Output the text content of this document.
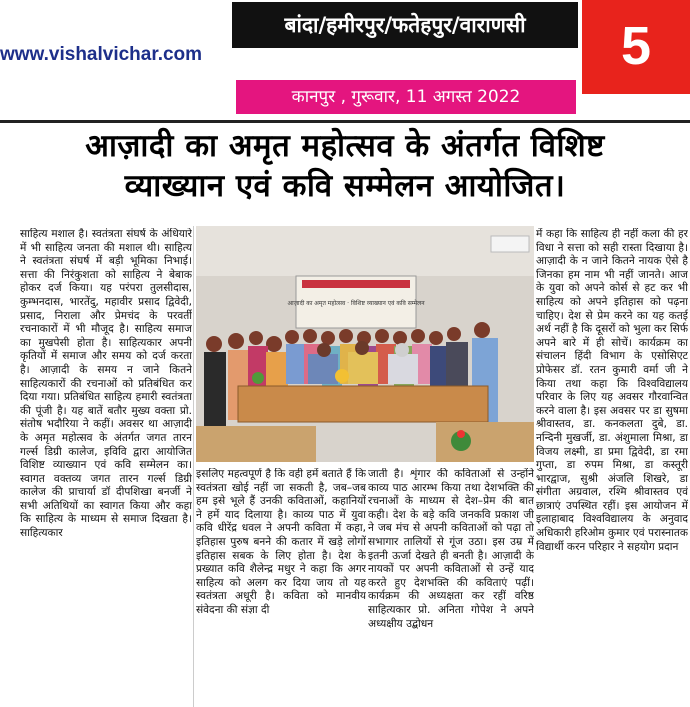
www.vishalvichar.com
बांदा/हमीरपुर/फतेहपुर/वाराणसी	5
कानपुर , गुरूवार, 11 अगस्त 2022
आज़ादी का अमृत महोत्सव के अंतर्गत विशिष्ट
व्याख्यान एवं कवि सम्मेलन आयोजित।

साहित्य मशाल है। स्वतंत्रता संघर्ष के अंधियारे में भी साहित्य जनता की मशाल थी। साहित्य ने स्वतंत्रता संघर्ष में बड़ी भूमिका निभाई। सत्ता की निरंकुशता को साहित्य ने बेबाक होकर दर्ज किया। यह परंपरा तुलसीदास, कुम्भनदास, भारतेंदु, महावीर प्रसाद द्विवेदी, प्रसाद, निराला और प्रेमचंद के परवर्ती रचनाकारों में भी मौजूद है। साहित्य समाज का मुखपेसी होता है। साहित्यकार अपनी कृतियों में समाज और समय को दर्ज करता है। आज़ादी के समय न जाने कितने साहित्यकारों की रचनाओं को प्रतिबंधित कर दिया गया। प्रतिबंधित साहित्य हमारी स्वतंत्रता की पूंजी है। यह बातें बतौर मुख्य वक्ता प्रो. संतोष भदौरिया ने कहीं। अवसर था आज़ादी के अमृत महोत्सव के अंतर्गत जगत तारन गर्ल्स डिग्री कालेज, इविवि द्वारा आयोजित विशिष्ट व्याख्यान एवं कवि सम्मेलन का। स्वागत वक्तव्य जगत तारन गर्ल्स डिग्री कालेज की प्राचार्या डॉ दीपशिखा बनर्जी ने सभी अतिथियों का स्वागत किया और कहा कि साहित्य के माध्यम से समाज दिखता है। साहित्यकार

आज़ादी का अमृत महोत्सव · विशिष्ट व्याख्यान एवं कवि सम्मेलन

इसलिए महत्वपूर्ण है कि वही हमें बताते हैं कि स्वतंत्रता खोई नहीं जा सकती है, जब–जब हम इसे भूले हैं उनकी कविताओं, कहानियों ने हमें याद दिलाया है। काव्य पाठ में युवा कवि धीरेंद्र धवल ने अपनी कविता में कहा, इतिहास पुरुष बनने की कतार में खड़े लोगों इतिहास सबक के लिए होता है। देश के प्रख्यात कवि शैलेन्द्र मधुर ने कहा कि अगर साहित्य को अलग कर दिया जाय तो यह स्वतंत्रता अधूरी है। कविता को मानवीय संवेदना की संज्ञा दी

जाती है। शृंगार की कविताओं से उन्होंने काव्य पाठ आरम्भ किया तथा देशभक्ति की रचनाओं के माध्यम से देश–प्रेम की बात कही। देश के बड़े कवि जनकवि प्रकाश जी ने जब मंच से अपनी कविताओं को पढ़ा तो सभागार तालियों से गूंज उठा। इस उम्र में इतनी ऊर्जा देखते ही बनती है। आज़ादी के नायकों पर अपनी कविताओं से उन्हें याद करते हुए देशभक्ति की कविताएं पढ़ीं। कार्यक्रम की अध्यक्षता कर रहीं वरिष्ठ साहित्यकार प्रो. अनिता गोपेश ने अपने अध्यक्षीय उद्बोधन

में कहा कि साहित्य ही नहीं कला की हर विधा ने सत्ता को सही रास्ता दिखाया है। आज़ादी के न जाने कितने नायक ऐसे है जिनका हम नाम भी नहीं जानते। आज के युवा को अपने कोर्स से हट कर भी साहित्य को अपने इतिहास को पढ़ना चाहिए। देश से प्रेम करने का यह कतई अर्थ नहीं है कि दूसरों को भुला कर सिर्फ अपने बारे में ही सोचें। कार्यक्रम का संचालन हिंदी विभाग के एसोसिएट प्रोफेसर डॉ. रतन कुमारी वर्मा जी ने किया तथा कहा कि विश्वविद्यालय परिवार के लिए यह अवसर गौरवान्वित करने वाला है। इस अवसर पर डा सुषमा श्रीवास्तव, डा. कनकलता दुबे, डा. नन्दिनी मुखर्जी, डा. अंशुमाला मिश्रा, डा विजय लक्ष्मी, डा प्रमा द्विवेदी, डा रमा गुप्ता, डा रुपम मिश्रा, डा कस्तूरी भारद्वाज, सुश्री अंजलि शिखरे, डा संगीता अग्रवाल, रश्मि श्रीवास्तव एवं छात्राएं उपस्थित रहीं। इस आयोजन में इलाहाबाद विश्वविद्यालय के अनुवाद अधिकारी हरिओम कुमार एवं परास्नातक विद्यार्थी करन परिहार ने सहयोग प्रदान
